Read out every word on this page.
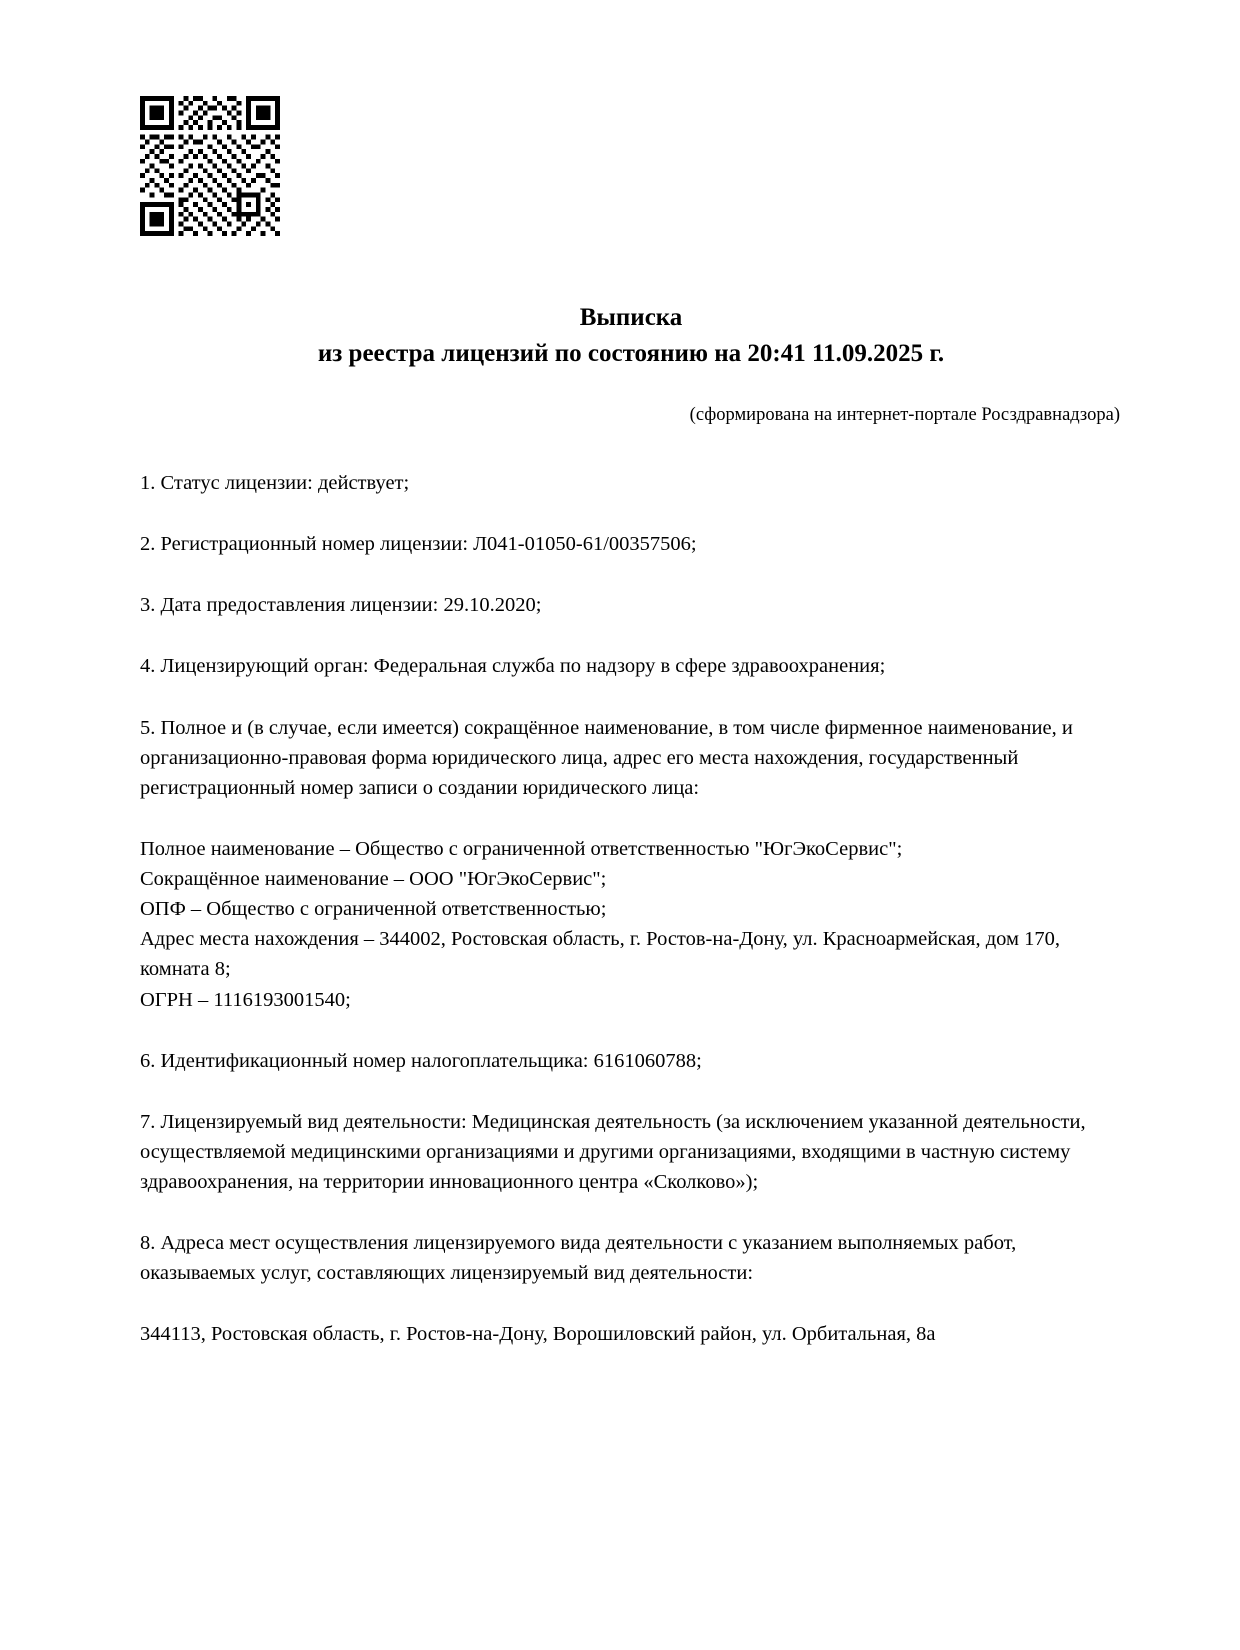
Выписка
из реестра лицензий по состоянию на 20:41 11.09.2025 г.
(сформирована на интернет-портале Росздравнадзора)

1. Статус лицензии: действует;

2. Регистрационный номер лицензии: Л041-01050-61/00357506;

3. Дата предоставления лицензии: 29.10.2020;

4. Лицензирующий орган: Федеральная служба по надзору в сфере здравоохранения;

5. Полное и (в случае, если имеется) сокращённое наименование, в том числе фирменное наименование, и организационно-правовая форма юридического лица, адрес его места нахождения, государственный регистрационный номер записи о создании юридического лица:

Полное наименование – Общество с ограниченной ответственностью "ЮгЭкоСервис";
Сокращённое наименование – ООО "ЮгЭкоСервис";
ОПФ – Общество с ограниченной ответственностью;
Адрес места нахождения – 344002, Ростовская область, г. Ростов-на-Дону, ул. Красноармейская, дом 170, комната 8;
ОГРН – 1116193001540;

6. Идентификационный номер налогоплательщика: 6161060788;

7. Лицензируемый вид деятельности: Медицинская деятельность (за исключением указанной деятельности, осуществляемой медицинскими организациями и другими организациями, входящими в частную систему здравоохранения, на территории инновационного центра «Сколково»);

8. Адреса мест осуществления лицензируемого вида деятельности с указанием выполняемых работ, оказываемых услуг, составляющих лицензируемый вид деятельности:

344113, Ростовская область, г. Ростов-на-Дону, Ворошиловский район, ул. Орбитальная, 8а
